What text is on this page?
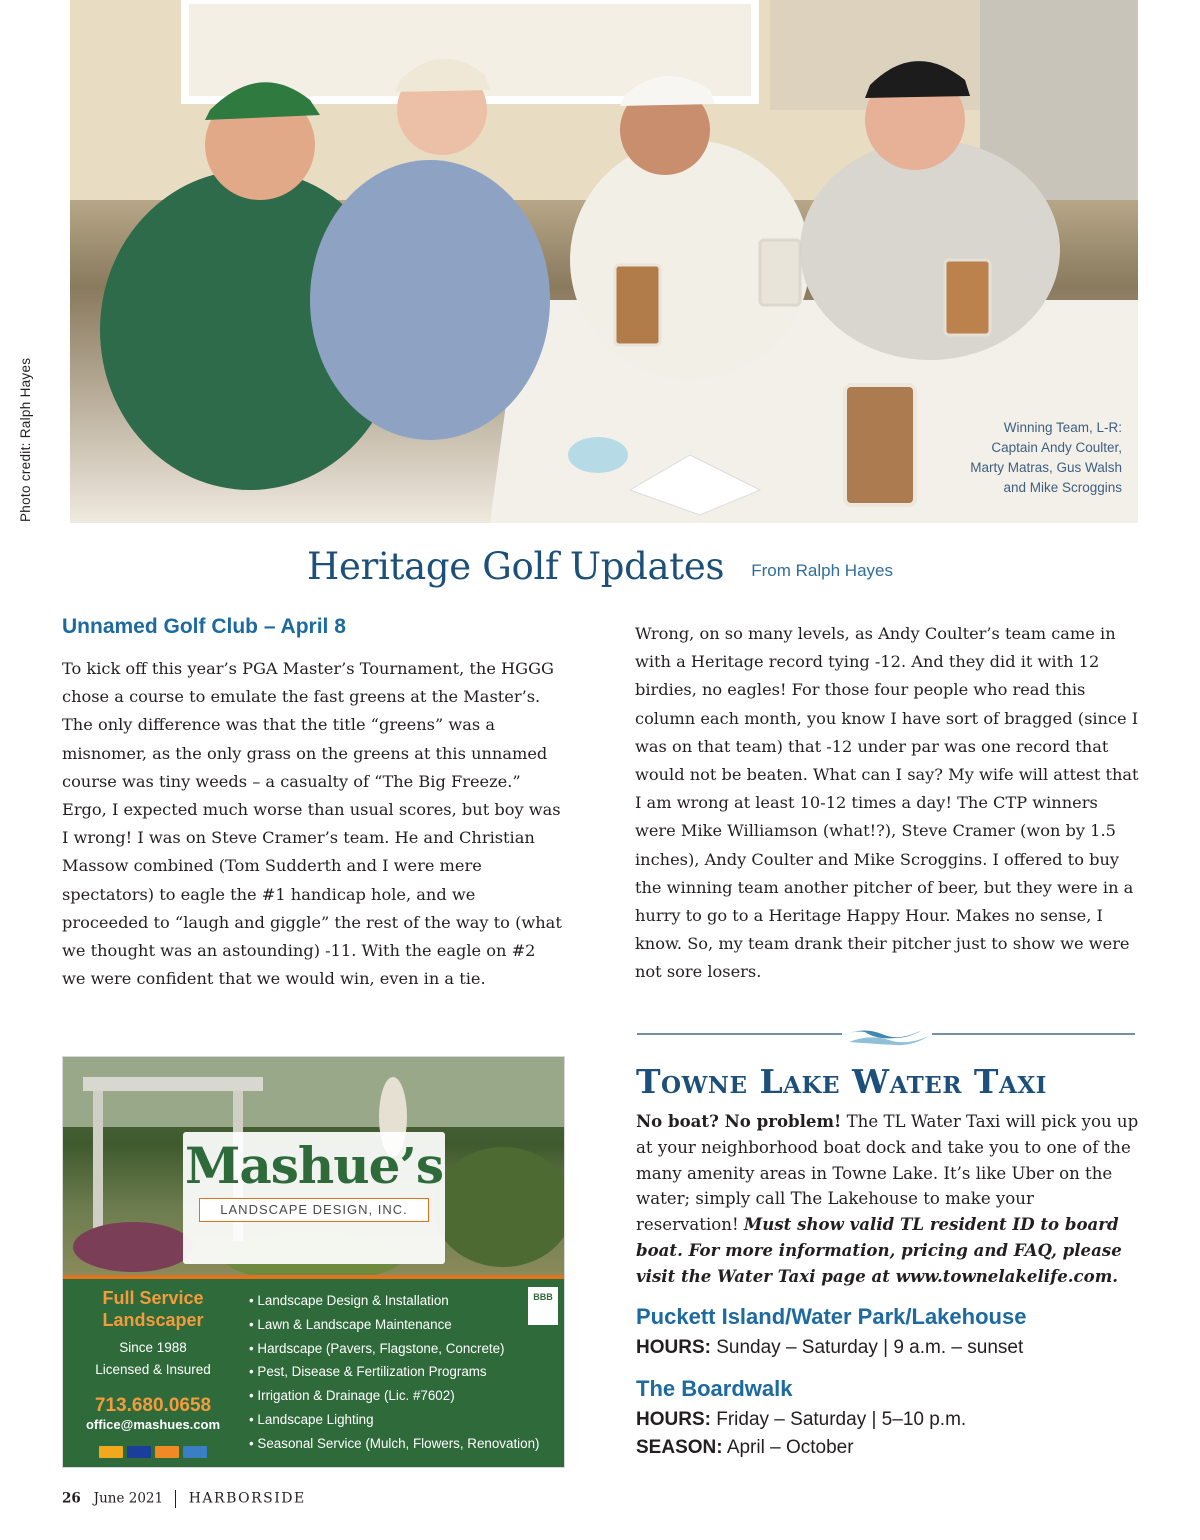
Photo credit: Ralph Hayes	Winning Team, L-R:
Captain Andy Coulter,
Marty Matras, Gus Walsh
and Mike Scroggins
Heritage Golf Updates From Ralph Hayes
Unnamed Golf Club – April 8

To kick off this year’s PGA Master’s Tournament, the HGGG chose a course to emulate the fast greens at the Master’s. The only difference was that the title “greens” was a misnomer, as the only grass on the greens at this unnamed course was tiny weeds – a casualty of “The Big Freeze.” Ergo, I expected much worse than usual scores, but boy was I wrong! I was on Steve Cramer’s team. He and Christian Massow combined (Tom Sudderth and I were mere spectators) to eagle the #1 handicap hole, and we proceeded to “laugh and giggle” the rest of the way to (what we thought was an astounding) -11. With the eagle on #2 we were confident that we would win, even in a tie.

Wrong, on so many levels, as Andy Coulter’s team came in with a Heritage record tying -12. And they did it with 12 birdies, no eagles! For those four people who read this column each month, you know I have sort of bragged (since I was on that team) that -12 under par was one record that would not be beaten. What can I say? My wife will attest that I am wrong at least 10-12 times a day! The CTP winners were Mike Williamson (what!?), Steve Cramer (won by 1.5 inches), Andy Coulter and Mike Scroggins. I offered to buy the winning team another pitcher of beer, but they were in a hurry to go to a Heritage Happy Hour. Makes no sense, I know. So, my team drank their pitcher just to show we were not sore losers.

Towne Lake Water Taxi

No boat? No problem! The TL Water Taxi will pick you up at your neighborhood boat dock and take you to one of the many amenity areas in Towne Lake. It’s like Uber on the water; simply call The Lakehouse to make your reservation! Must show valid TL resident ID to board boat. For more information, pricing and FAQ, please visit the Water Taxi page at www.townelakelife.com.

Puckett Island/Water Park/Lakehouse
HOURS: Sunday – Saturday | 9 a.m. – sunset
The Boardwalk
HOURS: Friday – Saturday | 5–10 p.m.
SEASON: April – October
Mashue’s
LANDSCAPE DESIGN, INC.
Full Service
Landscaper
Since 1988
Licensed & Insured
713.680.0658
office@mashues.com
• Landscape Design & Installation
• Lawn & Landscape Maintenance
• Hardscape (Pavers, Flagstone, Concrete)
• Pest, Disease & Fertilization Programs
• Irrigation & Drainage (Lic. #7602)
• Landscape Lighting
• Seasonal Service (Mulch, Flowers, Renovation)
BBB
26 June 2021 HARBORSIDE
